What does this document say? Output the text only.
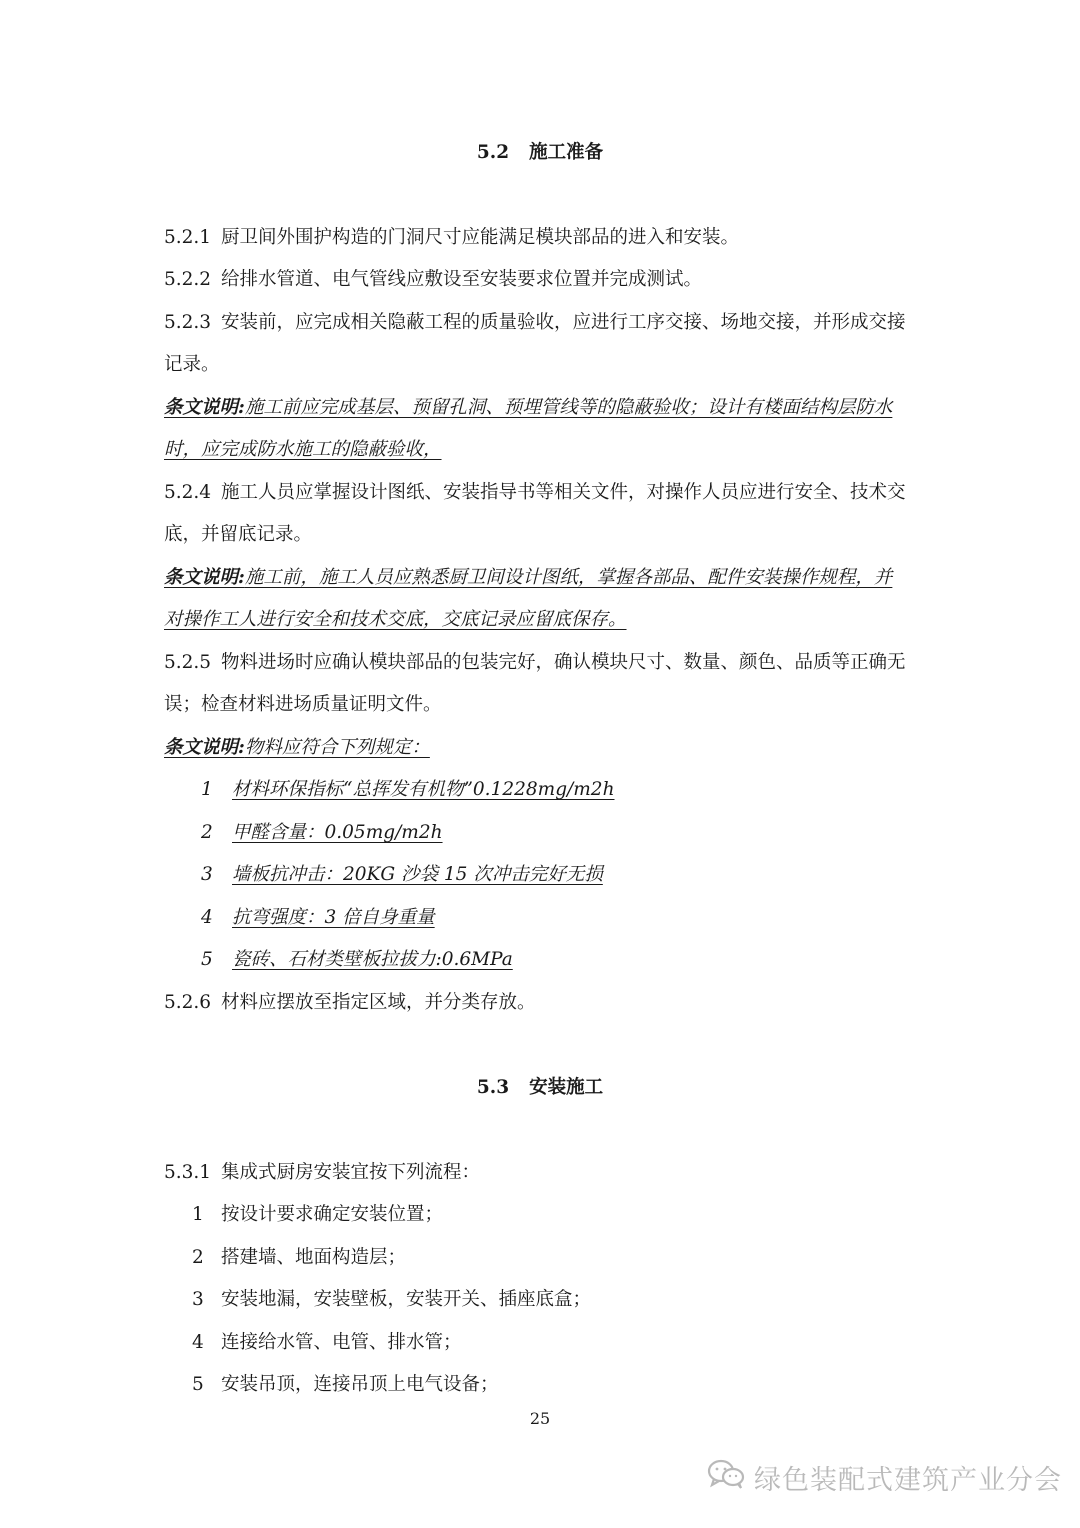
5.2 施工准备
5.2.1 厨卫间外围护构造的门洞尺寸应能满足模块部品的进入和安装。
5.2.2 给排水管道、电气管线应敷设至安装要求位置并完成测试。
5.2.3 安装前，应完成相关隐蔽工程的质量验收，应进行工序交接、场地交接，并形成交接
记录。
条文说明:施工前应完成基层、预留孔洞、预埋管线等的隐蔽验收；设计有楼面结构层防水
时，应完成防水施工的隐蔽验收，
5.2.4 施工人员应掌握设计图纸、安装指导书等相关文件，对操作人员应进行安全、技术交
底，并留底记录。
条文说明:施工前，施工人员应熟悉厨卫间设计图纸，掌握各部品、配件安装操作规程，并
对操作工人进行安全和技术交底，交底记录应留底保存。
5.2.5 物料进场时应确认模块部品的包装完好，确认模块尺寸、数量、颜色、品质等正确无
误；检查材料进场质量证明文件。
条文说明:物料应符合下列规定：
1 材料环保指标“总挥发有机物”0.1228mg/m2h
2 甲醛含量：0.05mg/m2h
3 墙板抗冲击：20KG 沙袋 15 次冲击完好无损
4 抗弯强度：3 倍自身重量
5 瓷砖、石材类壁板拉拔力:0.6MPa
5.2.6 材料应摆放至指定区域，并分类存放。
5.3 安装施工
5.3.1 集成式厨房安装宜按下列流程：
1 按设计要求确定安装位置；
2 搭建墙、地面构造层；
3 安装地漏，安装壁板，安装开关、插座底盒；
4 连接给水管、电管、排水管；
5 安装吊顶，连接吊顶上电气设备；
25
绿色装配式建筑产业分会
